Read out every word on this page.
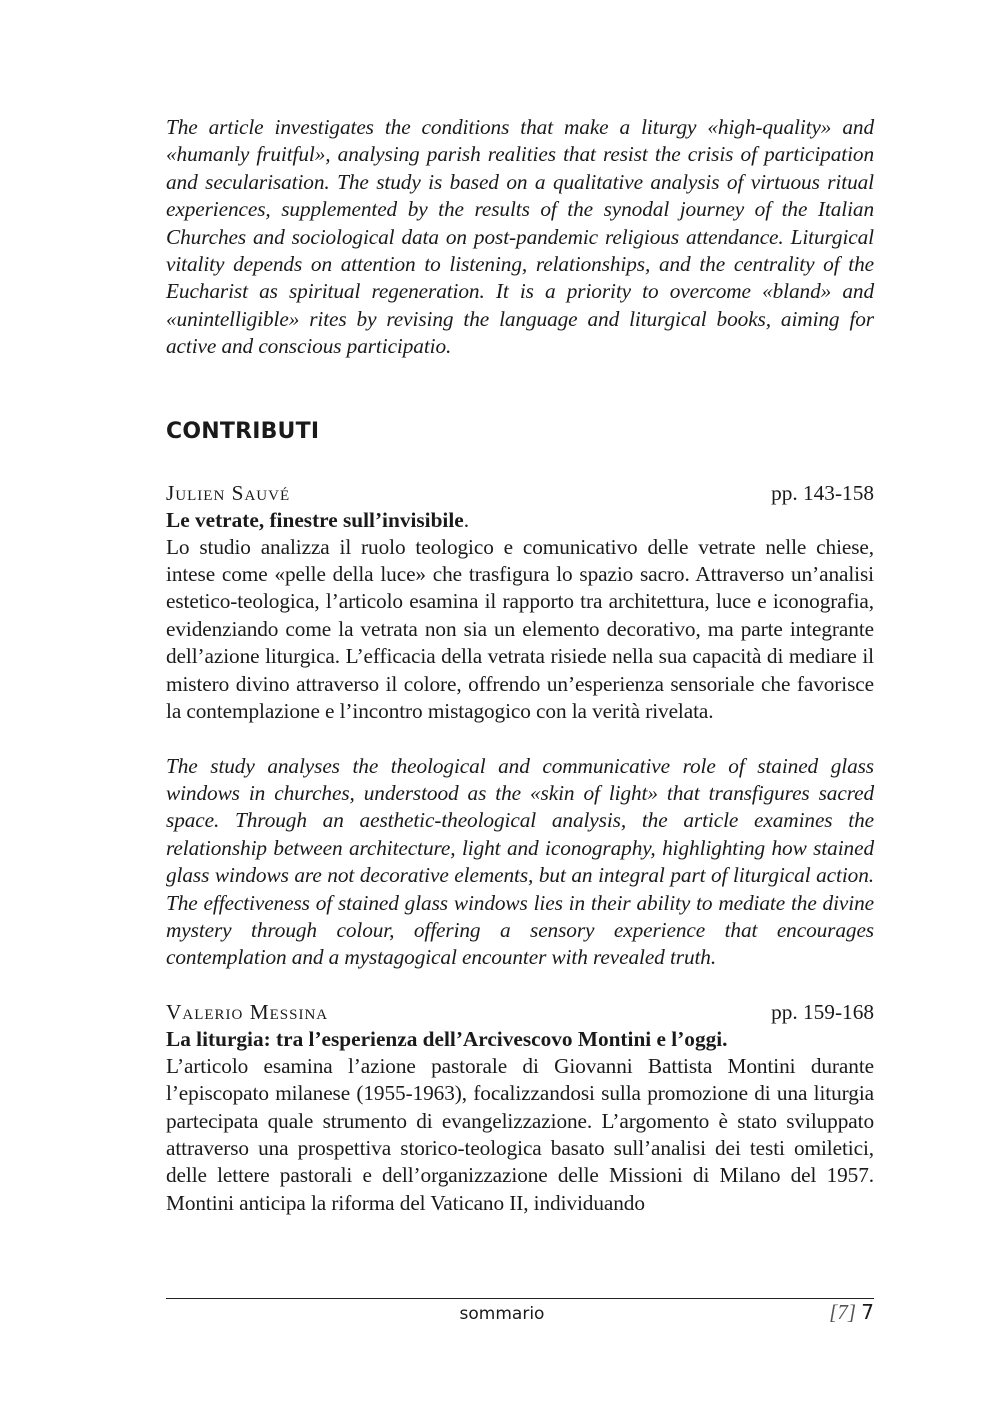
The article investigates the conditions that make a liturgy «high-quality» and «humanly fruitful», analysing parish realities that resist the crisis of participation and secularisation. The study is based on a qualitative analysis of virtuous ritual experiences, supplemented by the results of the synodal journey of the Italian Churches and sociological data on post-pandemic religious attendance. Liturgical vitality depends on attention to listening, relationships, and the centrality of the Eucharist as spiritual regeneration. It is a priority to overcome «bland» and «unintelligible» rites by revising the language and liturgical books, aiming for active and conscious participatio.

CONTRIBUTI
Julien Sauvé	pp. 143-158
Le vetrate, finestre sull’invisibile.

Lo studio analizza il ruolo teologico e comunicativo delle vetrate nelle chiese, intese come «pelle della luce» che trasfigura lo spazio sacro. Attraverso un’analisi estetico-teologica, l’articolo esamina il rapporto tra architettura, luce e iconografia, evidenziando come la vetrata non sia un elemento decorativo, ma parte integrante dell’azione liturgica. L’efficacia della vetrata risiede nella sua capacità di mediare il mistero divino attraverso il colore, offrendo un’esperienza sensoriale che favorisce la contemplazione e l’incontro mistagogico con la verità rivelata.

The study analyses the theological and communicative role of stained glass windows in churches, understood as the «skin of light» that transfigures sacred space. Through an aesthetic-theological analysis, the article examines the relationship between architecture, light and iconography, highlighting how stained glass windows are not decorative elements, but an integral part of liturgical action. The effectiveness of stained glass windows lies in their ability to mediate the divine mystery through colour, offering a sensory experience that encourages contemplation and a mystagogical encounter with revealed truth.

Valerio Messina	pp. 159-168
La liturgia: tra l’esperienza dell’Arcivescovo Montini e l’oggi.

L’articolo esamina l’azione pastorale di Giovanni Battista Montini durante l’episcopato milanese (1955-1963), focalizzandosi sulla promozione di una liturgia partecipata quale strumento di evangelizzazione. L’argomento è stato sviluppato attraverso una prospettiva storico-teologica basato sull’analisi dei testi omiletici, delle lettere pastorali e dell’organizzazione delle Missioni di Milano del 1957. Montini anticipa la riforma del Vaticano II, individuando

sommario	[7] 7
